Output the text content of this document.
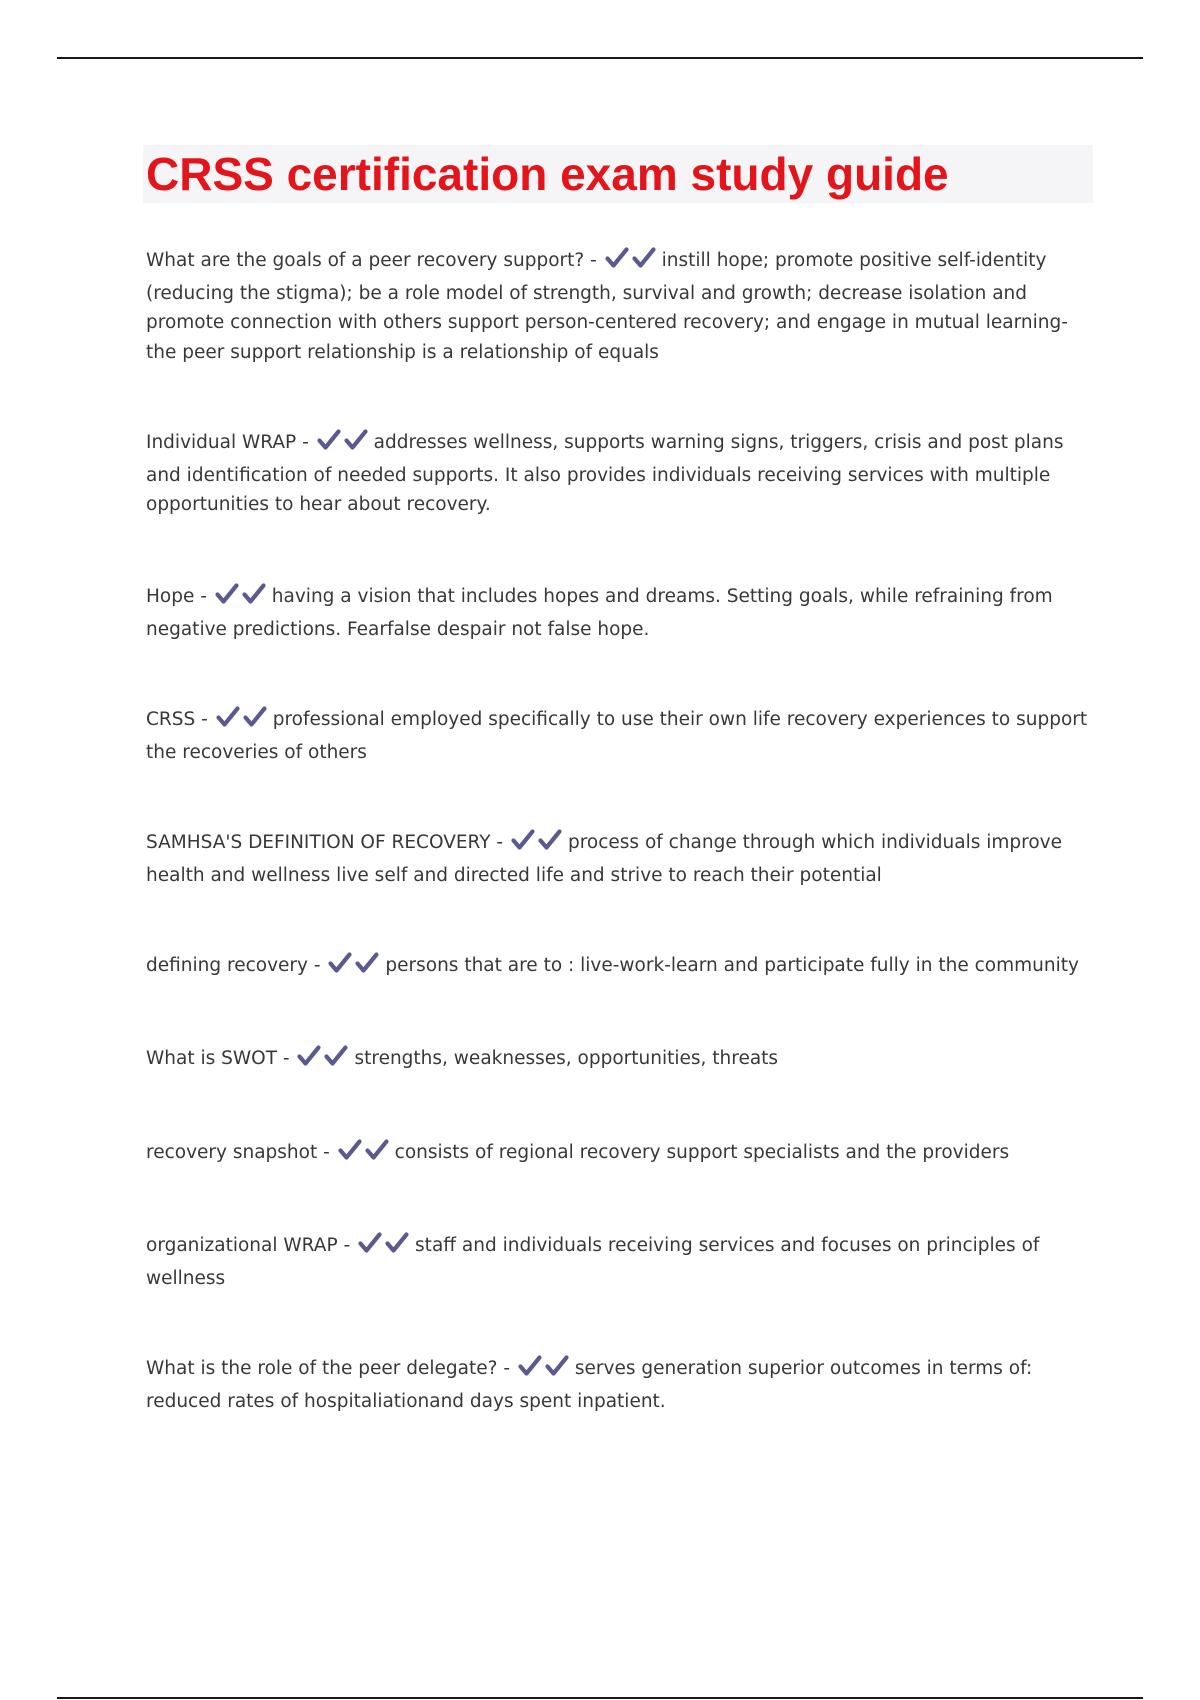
CRSS certification exam study guide

What are the goals of a peer recovery support? -	instill hope; promote positive self-identity (reducing the stigma); be a role model of strength, survival and growth; decrease isolation and promote connection with others support person-centered recovery; and engage in mutual learning- the peer support relationship is a relationship of equals

Individual WRAP -	addresses wellness, supports warning signs, triggers, crisis and post plans and identification of needed supports. It also provides individuals receiving services with multiple opportunities to hear about recovery.

Hope -	having a vision that includes hopes and dreams. Setting goals, while refraining from negative predictions. Fearfalse despair not false hope.

CRSS -	professional employed specifically to use their own life recovery experiences to support the recoveries of others

SAMHSA'S DEFINITION OF RECOVERY -	process of change through which individuals improve health and wellness live self and directed life and strive to reach their potential

defining recovery -	persons that are to : live-work-learn and participate fully in the community

What is SWOT -	strengths, weaknesses, opportunities, threats

recovery snapshot -	consists of regional recovery support specialists and the providers

organizational WRAP -	staff and individuals receiving services and focuses on principles of wellness

What is the role of the peer delegate? -	serves generation superior outcomes in terms of: reduced rates of hospitaliationand days spent inpatient.
